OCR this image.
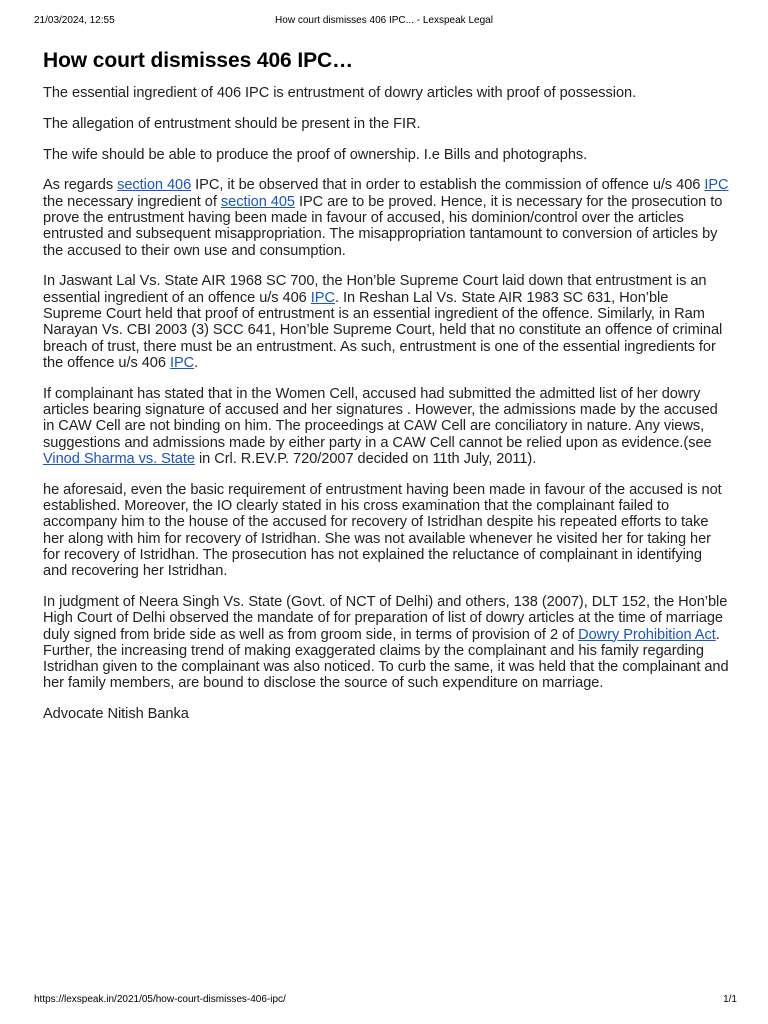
21/03/2024, 12:55	How court dismisses 406 IPC... - Lexspeak Legal
How court dismisses 406 IPC…

The essential ingredient of 406 IPC is entrustment of dowry articles with proof of possession.

The allegation of entrustment should be present in the FIR.

The wife should be able to produce the proof of ownership. I.e Bills and photographs.

As regards section 406 IPC, it be observed that in order to establish the commission of offence u/s 406 IPC the necessary ingredient of section 405 IPC are to be proved. Hence, it is necessary for the prosecution to prove the entrustment having been made in favour of accused, his dominion/control over the articles entrusted and subsequent misappropriation. The misappropriation tantamount to conversion of articles by the accused to their own use and consumption.

In Jaswant Lal Vs. State AIR 1968 SC 700, the Hon’ble Supreme Court laid down that entrustment is an essential ingredient of an offence u/s 406 IPC. In Reshan Lal Vs. State AIR 1983 SC 631, Hon’ble Supreme Court held that proof of entrustment is an essential ingredient of the offence. Similarly, in Ram Narayan Vs. CBI 2003 (3) SCC 641, Hon’ble Supreme Court, held that no constitute an offence of criminal breach of trust, there must be an entrustment. As such, entrustment is one of the essential ingredients for the offence u/s 406 IPC.

If complainant has stated that in the Women Cell, accused had submitted the admitted list of her dowry articles bearing signature of accused and her signatures . However, the admissions made by the accused in CAW Cell are not binding on him. The proceedings at CAW Cell are conciliatory in nature. Any views, suggestions and admissions made by either party in a CAW Cell cannot be relied upon as evidence.(see Vinod Sharma vs. State in Crl. R.EV.P. 720/2007 decided on 11th July, 2011).

he aforesaid, even the basic requirement of entrustment having been made in favour of the accused is not established. Moreover, the IO clearly stated in his cross examination that the complainant failed to accompany him to the house of the accused for recovery of Istridhan despite his repeated efforts to take her along with him for recovery of Istridhan. She was not available whenever he visited her for taking her for recovery of Istridhan. The prosecution has not explained the reluctance of complainant in identifying and recovering her Istridhan.

In judgment of Neera Singh Vs. State (Govt. of NCT of Delhi) and others, 138 (2007), DLT 152, the Hon’ble High Court of Delhi observed the mandate of for preparation of list of dowry articles at the time of marriage duly signed from bride side as well as from groom side, in terms of provision of 2 of Dowry Prohibition Act. Further, the increasing trend of making exaggerated claims by the complainant and his family regarding Istridhan given to the complainant was also noticed. To curb the same, it was held that the complainant and her family members, are bound to disclose the source of such expenditure on marriage.

Advocate Nitish Banka

https://lexspeak.in/2021/05/how-court-dismisses-406-ipc/	1/1
